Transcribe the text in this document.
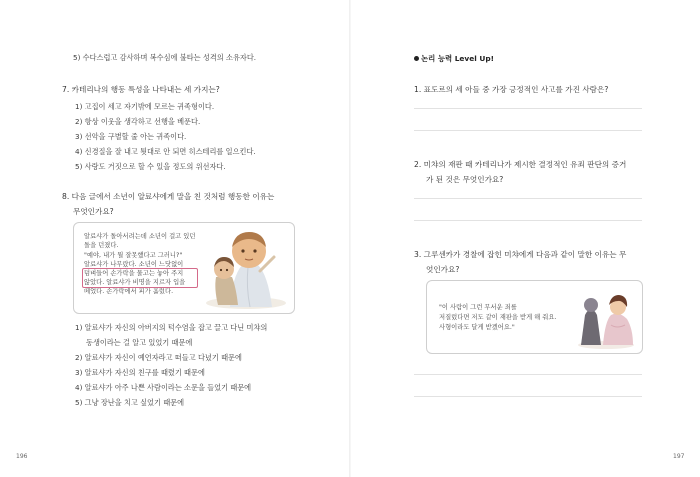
5) 수다스럽고 감사하며 복수심에 불타는 성격의 소유자다.
7. 카테리나의 행동 특성을 나타내는 세 가지는?
1) 고집이 세고 자기밖에 모르는 귀족형이다.
2) 항상 이웃을 생각하고 선행을 베푼다.
3) 선악을 구별할 줄 아는 귀족이다.
4) 신경질을 잘 내고 툇대로 안 되면 히스테리를 일으킨다.
5) 사랑도 거짓으로 할 수 있을 정도의 위선자다.
8. 다음 글에서 소년이 알료샤에게 말을 친 것처럼 행동한 이유는
무엇인가요?
알료샤가 돌아서려는데 소년이 걸고 있던
돌을 던졌다.
"예야, 내가 뭘 잘못했다고 그러니?"
알료샤가 나무랐다. 소년이 느닷없이
덤벼들어 손가락을 물고는 놓아 주지
않았다. 알료샤가 비명을 지르자 입을
떼었다. 손가락에서 피가 흘렀다.
1) 알료샤가 자신의 아버지의 턱수염을 잡고 끌고 다닌 미챠의
동생이라는 걸 알고 있었기 때문에
2) 알료샤가 자신이 예언자라고 떠들고 다녔기 때문에
3) 알료샤가 자신의 친구를 때렸기 때문에
4) 알료샤가 아주 나쁜 사람이라는 소문을 들었기 때문에
5) 그냥 장난을 치고 싶었기 때문에
196
논리 능력 Level Up!
1. 표도르의 세 아들 중 가장 긍정적인 사고를 가진 사람은?
2. 미챠의 재판 때 카테리나가 제시한 결정적인 유죄 판단의 증거
가 된 것은 무엇인가요?
3. 그루센카가 경찰에 잡힌 미챠에게 다음과 같이 말한 이유는 무
엇인가요?
"이 사람이 그런 무서운 죄를
저질렀다면 저도 같이 재판을 받게 해 줘요.
사형이라도 달게 받겠어요."
197
